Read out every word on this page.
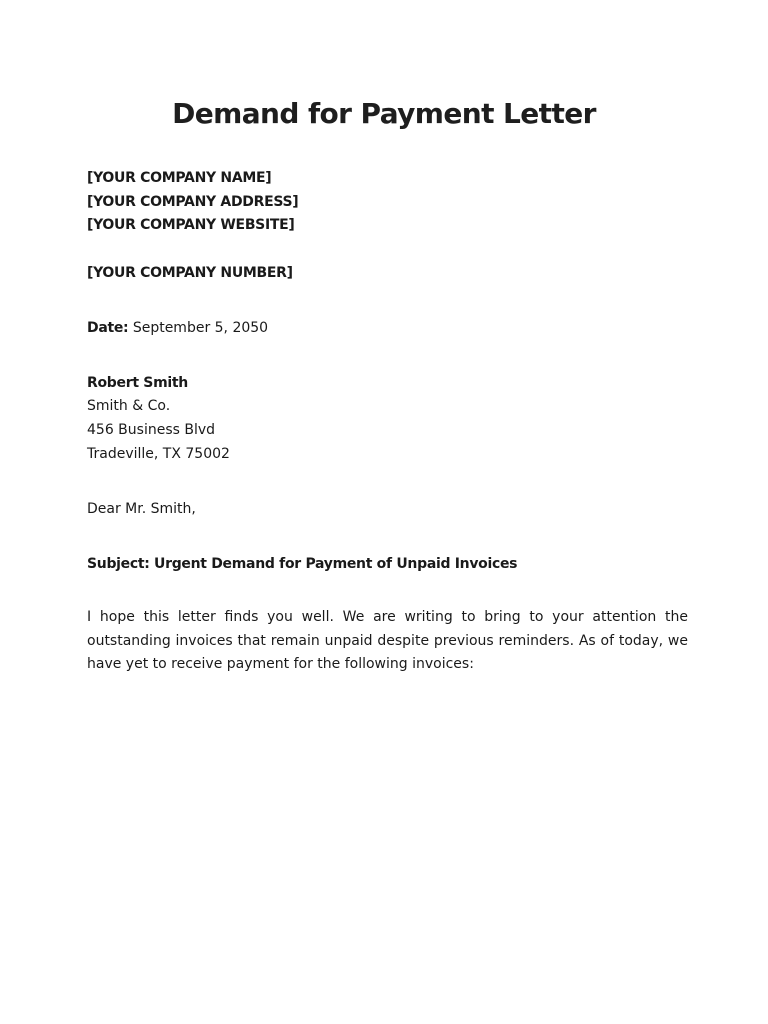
Demand for Payment Letter
[YOUR COMPANY NAME]
[YOUR COMPANY ADDRESS]
[YOUR COMPANY WEBSITE]
[YOUR COMPANY NUMBER]
Date: September 5, 2050
Robert Smith
Smith & Co.
456 Business Blvd
Tradeville, TX 75002
Dear Mr. Smith,
Subject: Urgent Demand for Payment of Unpaid Invoices
I hope this letter finds you well. We are writing to bring to your attention the outstanding invoices that remain unpaid despite previous reminders. As of today, we have yet to receive payment for the following invoices:
